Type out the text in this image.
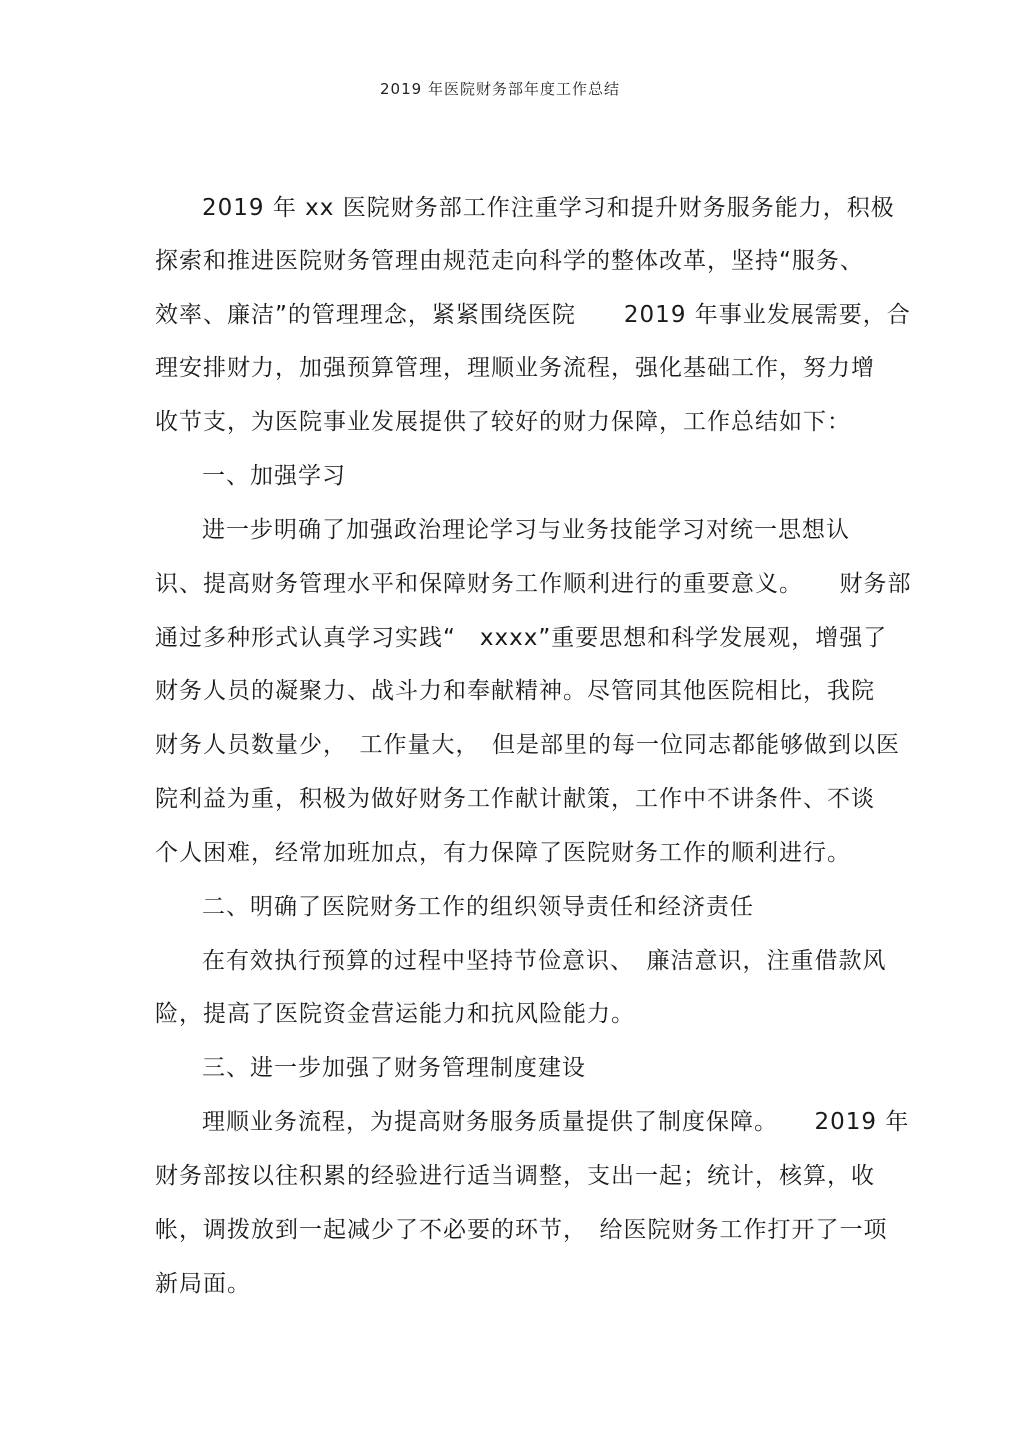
2019 年医院财务部年度工作总结
2019 年 xx 医院财务部工作注重学习和提升财务服务能力，积极
探索和推进医院财务管理由规范走向科学的整体改革，坚持“服务、
效率、廉洁”的管理理念，紧紧围绕医院　　2019 年事业发展需要，合
理安排财力，加强预算管理，理顺业务流程，强化基础工作，努力增
收节支，为医院事业发展提供了较好的财力保障，工作总结如下：
一、加强学习
进一步明确了加强政治理论学习与业务技能学习对统一思想认
识、提高财务管理水平和保障财务工作顺利进行的重要意义。　　财务部
通过多种形式认真学习实践“　xxxx”重要思想和科学发展观，增强了
财务人员的凝聚力、战斗力和奉献精神。尽管同其他医院相比，我院
财务人员数量少，　工作量大，　但是部里的每一位同志都能够做到以医
院利益为重，积极为做好财务工作献计献策，工作中不讲条件、不谈
个人困难，经常加班加点，有力保障了医院财务工作的顺利进行。
二、明确了医院财务工作的组织领导责任和经济责任
在有效执行预算的过程中坚持节俭意识、　廉洁意识，注重借款风
险，提高了医院资金营运能力和抗风险能力。
三、进一步加强了财务管理制度建设
理顺业务流程，为提高财务服务质量提供了制度保障。　　2019 年
财务部按以往积累的经验进行适当调整，支出一起；统计，核算，收
帐，调拨放到一起减少了不必要的环节，　给医院财务工作打开了一项
新局面。
